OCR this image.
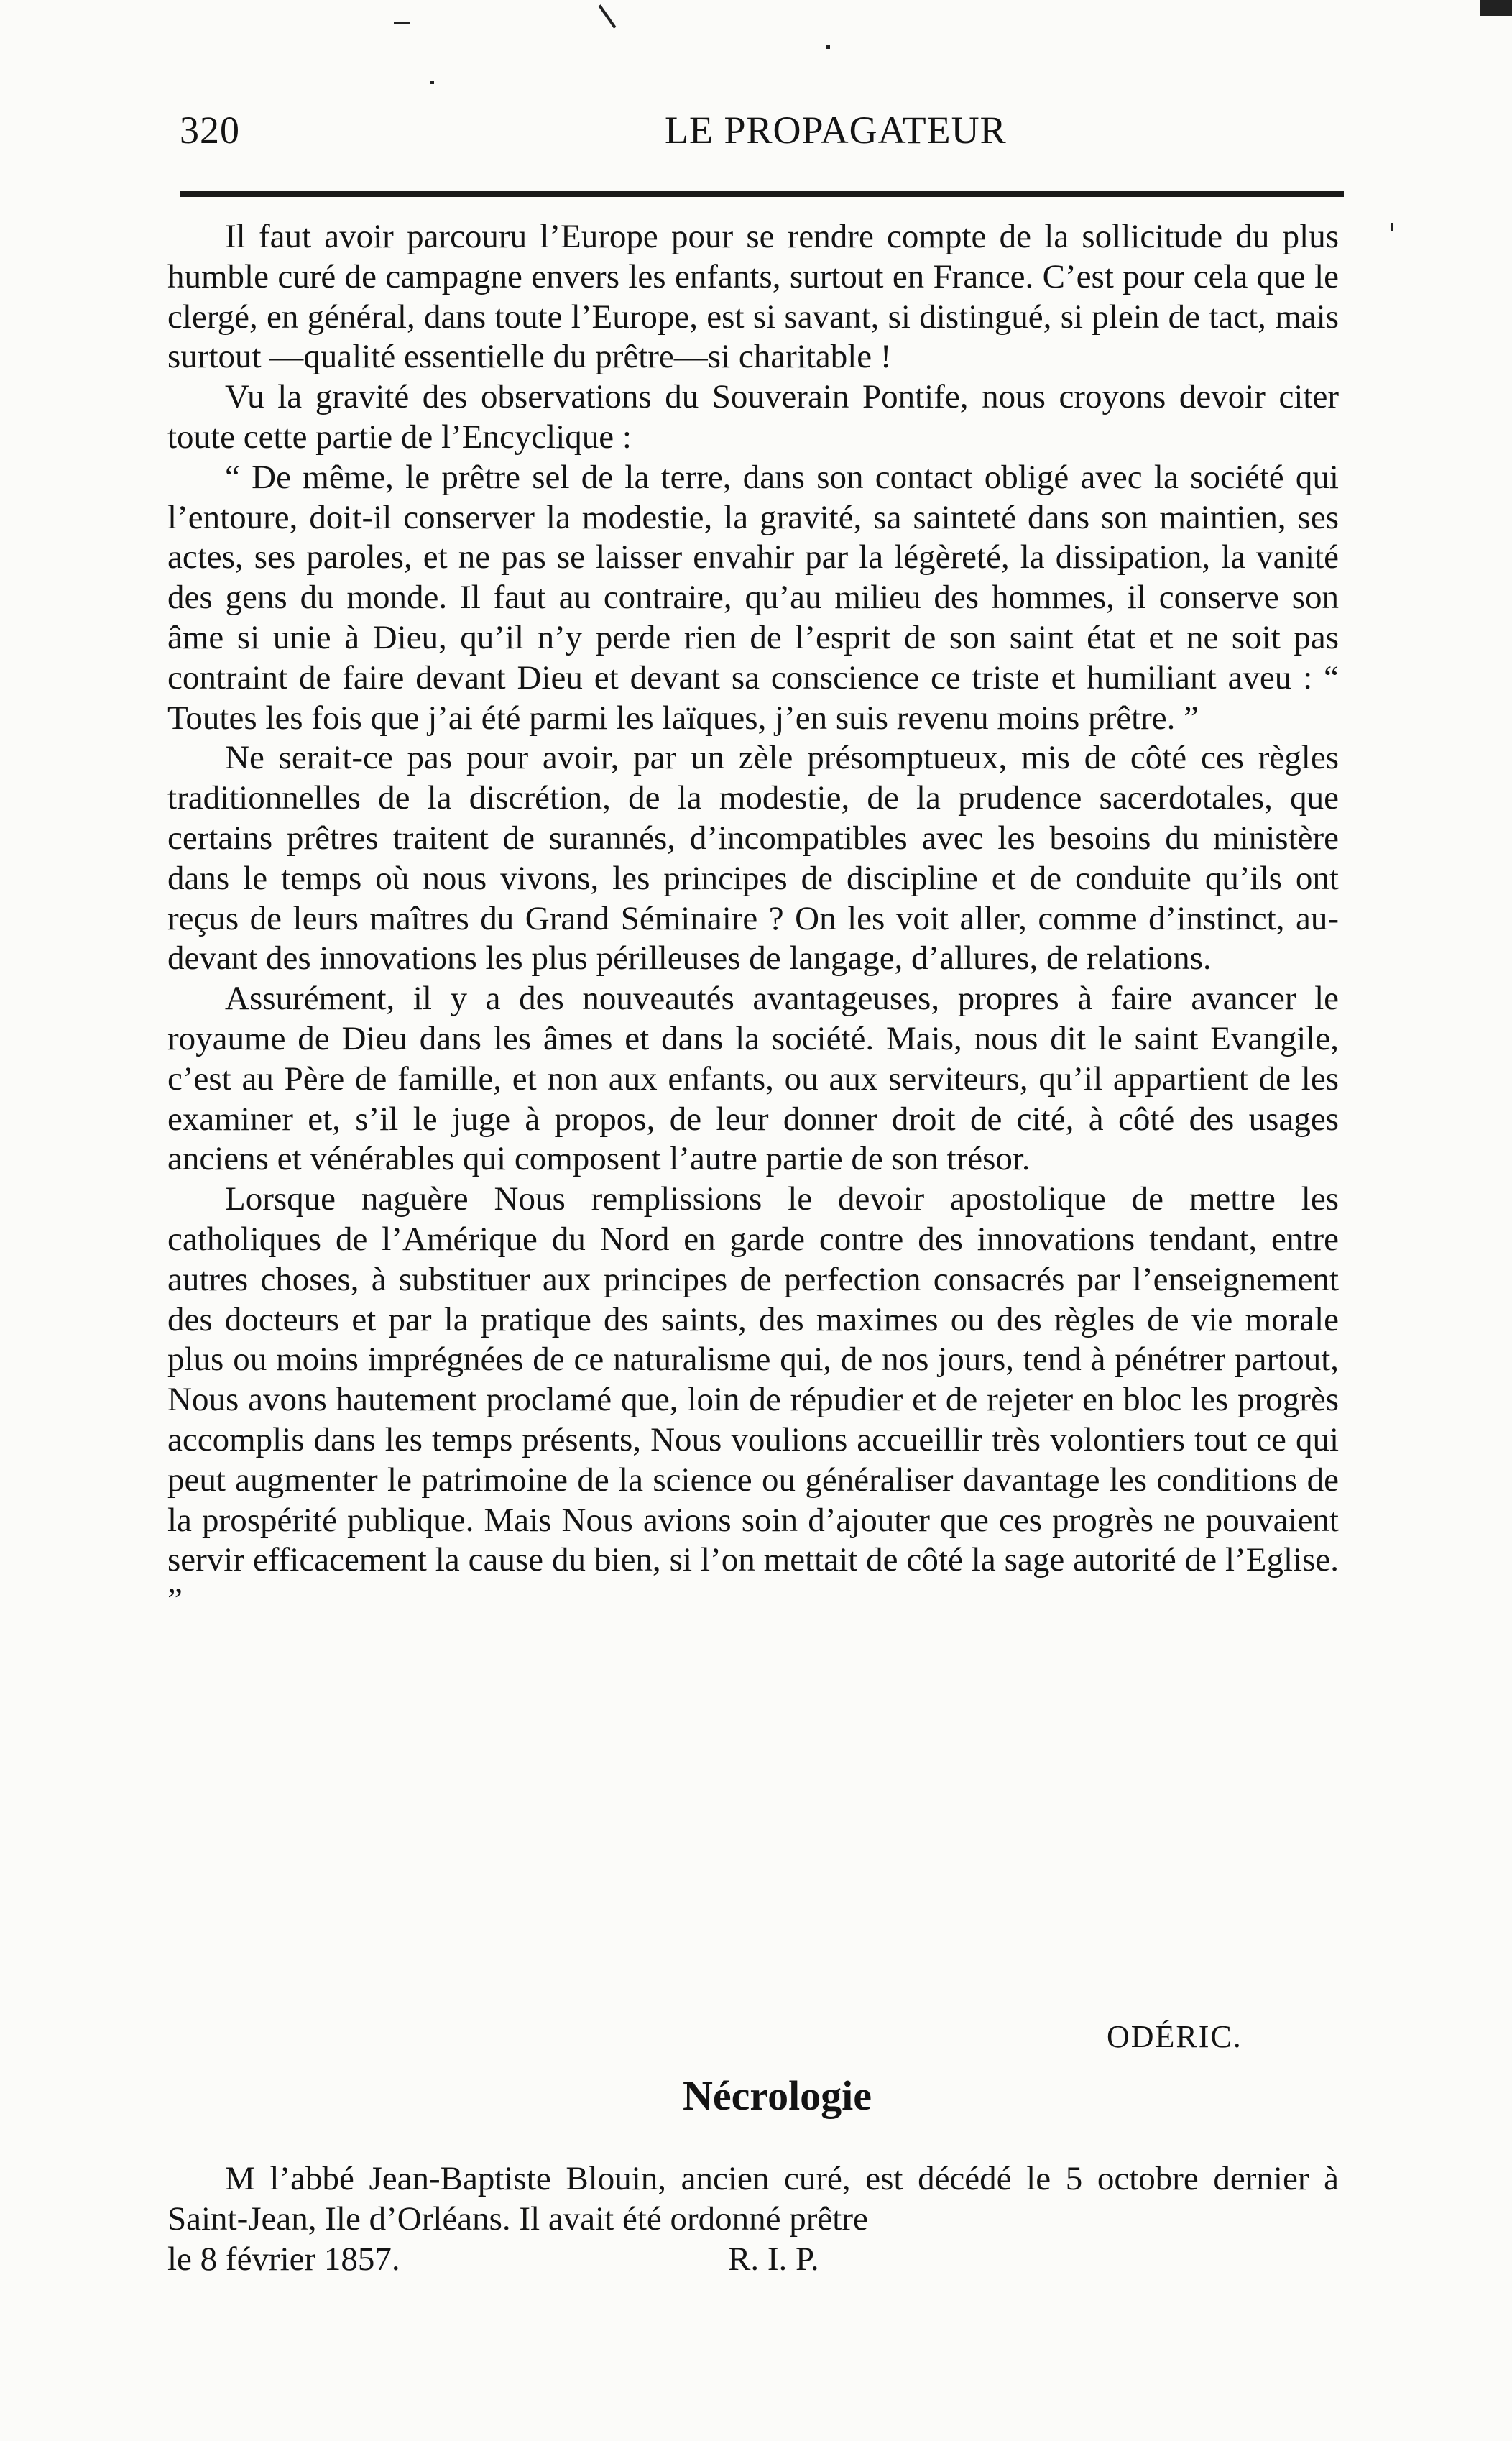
320	LE PROPAGATEUR

Il faut avoir parcouru l’Europe pour se rendre compte de la sollicitude du plus humble curé de campagne envers les enfants, surtout en France. C’est pour cela que le clergé, en général, dans toute l’Europe, est si savant, si distingué, si plein de tact, mais surtout —qualité essentielle du prêtre—si charitable !

Vu la gravité des observations du Souverain Pontife, nous croyons devoir citer toute cette partie de l’Encyclique :

“ De même, le prêtre sel de la terre, dans son contact obligé avec la société qui l’entoure, doit-il conserver la modestie, la gravité, sa sainteté dans son maintien, ses actes, ses paroles, et ne pas se laisser envahir par la légèreté, la dissipation, la vanité des gens du monde. Il faut au contraire, qu’au milieu des hommes, il conserve son âme si unie à Dieu, qu’il n’y perde rien de l’esprit de son saint état et ne soit pas contraint de faire devant Dieu et devant sa conscience ce triste et humiliant aveu : “ Toutes les fois que j’ai été parmi les laïques, j’en suis revenu moins prêtre. ”

Ne serait-ce pas pour avoir, par un zèle présomptueux, mis de côté ces règles traditionnelles de la discrétion, de la modestie, de la prudence sacerdotales, que certains prêtres traitent de surannés, d’incompatibles avec les besoins du ministère dans le temps où nous vivons, les principes de discipline et de conduite qu’ils ont reçus de leurs maîtres du Grand Séminaire ? On les voit aller, comme d’instinct, au-devant des innovations les plus périlleuses de langage, d’allures, de relations.

Assurément, il y a des nouveautés avantageuses, propres à faire avancer le royaume de Dieu dans les âmes et dans la société. Mais, nous dit le saint Evangile, c’est au Père de famille, et non aux enfants, ou aux serviteurs, qu’il appartient de les examiner et, s’il le juge à propos, de leur donner droit de cité, à côté des usages anciens et vénérables qui composent l’autre partie de son trésor.

Lorsque naguère Nous remplissions le devoir apostolique de mettre les catholiques de l’Amérique du Nord en garde contre des innovations tendant, entre autres choses, à substituer aux principes de perfection consacrés par l’enseignement des docteurs et par la pratique des saints, des maximes ou des règles de vie morale plus ou moins imprégnées de ce naturalisme qui, de nos jours, tend à pénétrer partout, Nous avons hautement proclamé que, loin de répudier et de rejeter en bloc les progrès accomplis dans les temps présents, Nous voulions accueillir très volontiers tout ce qui peut augmenter le patrimoine de la science ou généraliser davantage les conditions de la prospérité publique. Mais Nous avions soin d’ajouter que ces progrès ne pouvaient servir efficacement la cause du bien, si l’on mettait de côté la sage autorité de l’Eglise. ”

ODÉRIC.
Nécrologie

M l’abbé Jean-Baptiste Blouin, ancien curé, est décédé le 5 octobre dernier à Saint-Jean, Ile d’Orléans. Il avait été ordonné prêtre

le 8 février 1857.	R. I. P.
